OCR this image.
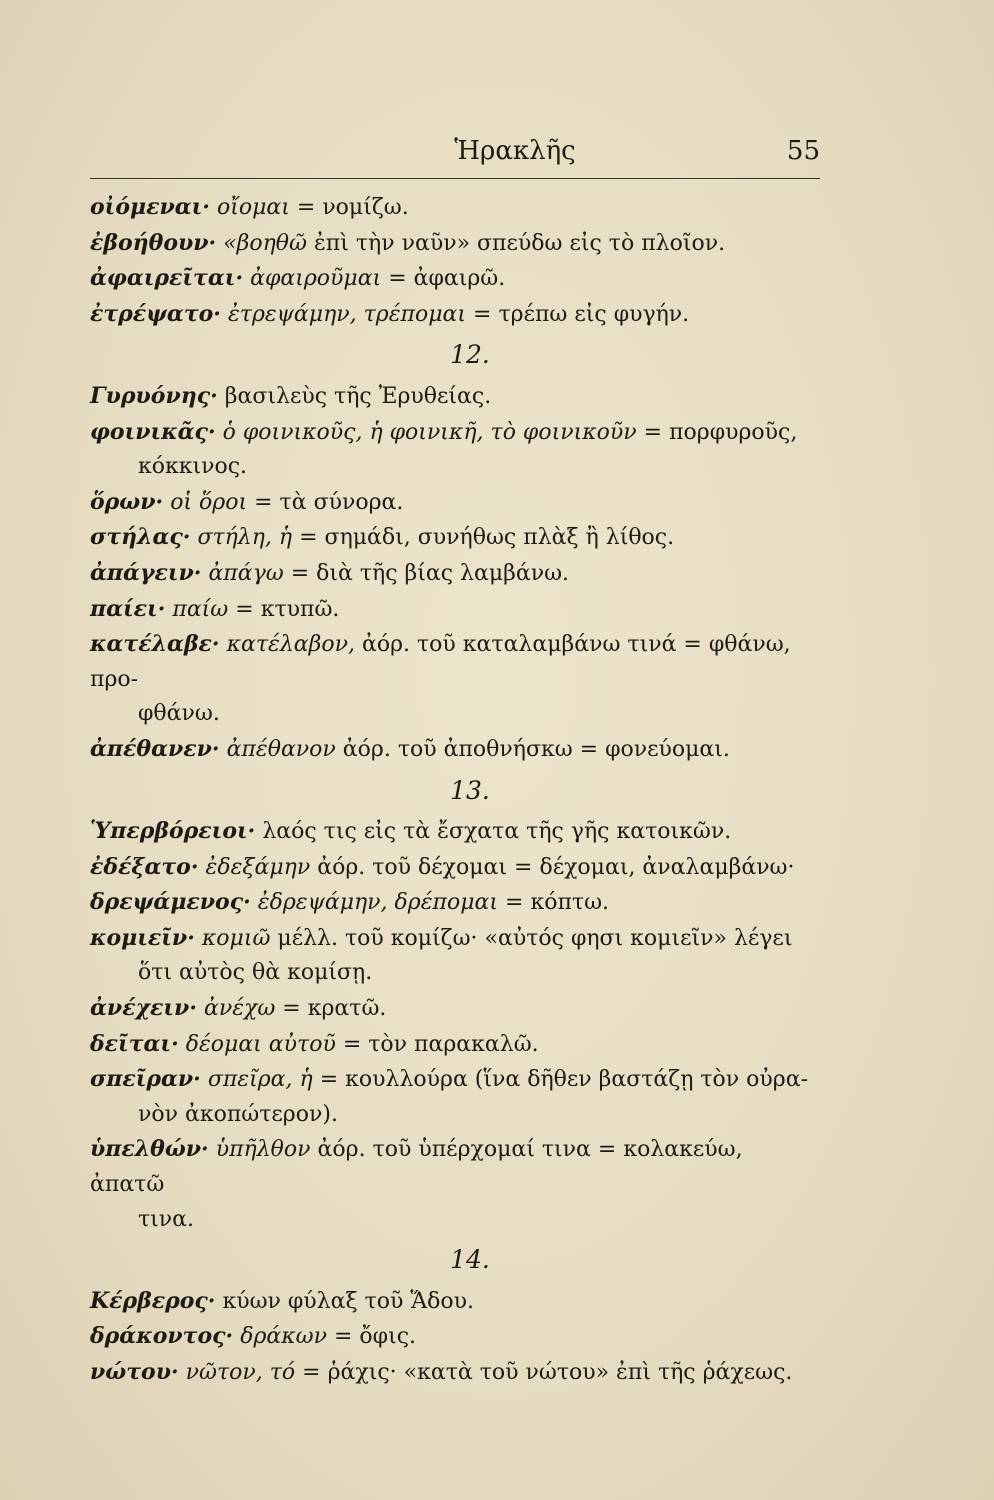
Ἡρακλῆς	55

οἰόμεναι· οἴομαι = νομίζω.

ἐβοήθουν· «βοηθῶ ἐπὶ τὴν ναῦν» σπεύδω εἰς τὸ πλοῖον.

ἀφαιρεῖται· ἀφαιροῦμαι = ἀφαιρῶ.

ἐτρέψατο· ἐτρεψάμην, τρέπομαι = τρέπω εἰς φυγήν.

12.

Γυρυόνης· βασιλεὺς τῆς Ἐρυθείας.

φοινικᾶς· ὁ φοινικοῦς, ἡ φοινικῆ, τὸ φοινικοῦν = πορφυροῦς,
κόκκινος.

ὅρων· οἱ ὅροι = τὰ σύνορα.

στήλας· στήλη, ἡ = σημάδι, συνήθως πλὰξ ἢ λίθος.

ἀπάγειν· ἀπάγω = διὰ τῆς βίας λαμβάνω.

παίει· παίω = κτυπῶ.

κατέλαβε· κατέλαβον, ἀόρ. τοῦ καταλαμβάνω τινά = φθάνω, προ-
φθάνω.

ἀπέθανεν· ἀπέθανον ἀόρ. τοῦ ἀποθνήσκω = φονεύομαι.

13.

Ὑπερβόρειοι· λαός τις εἰς τὰ ἔσχατα τῆς γῆς κατοικῶν.

ἐδέξατο· ἐδεξάμην ἀόρ. τοῦ δέχομαι = δέχομαι, ἀναλαμβάνω·

δρεψάμενος· ἐδρεψάμην, δρέπομαι = κόπτω.

κομιεῖν· κομιῶ μέλλ. τοῦ κομίζω· «αὐτός φησι κομιεῖν» λέγει
ὅτι αὐτὸς θὰ κομίσῃ.

ἀνέχειν· ἀνέχω = κρατῶ.

δεῖται· δέομαι αὐτοῦ = τὸν παρακαλῶ.

σπεῖραν· σπεῖρα, ἡ = κουλλούρα (ἵνα δῆθεν βαστάζῃ τὸν οὐρα-
νὸν ἀκοπώτερον).

ὑπελθών· ὑπῆλθον ἀόρ. τοῦ ὑπέρχομαί τινα = κολακεύω, ἀπατῶ
τινα.

14.

Κέρβερος· κύων φύλαξ τοῦ Ἅδου.

δράκοντος· δράκων = ὄφις.

νώτου· νῶτον, τό = ῥάχις· «κατὰ τοῦ νώτου» ἐπὶ τῆς ῥάχεως.
